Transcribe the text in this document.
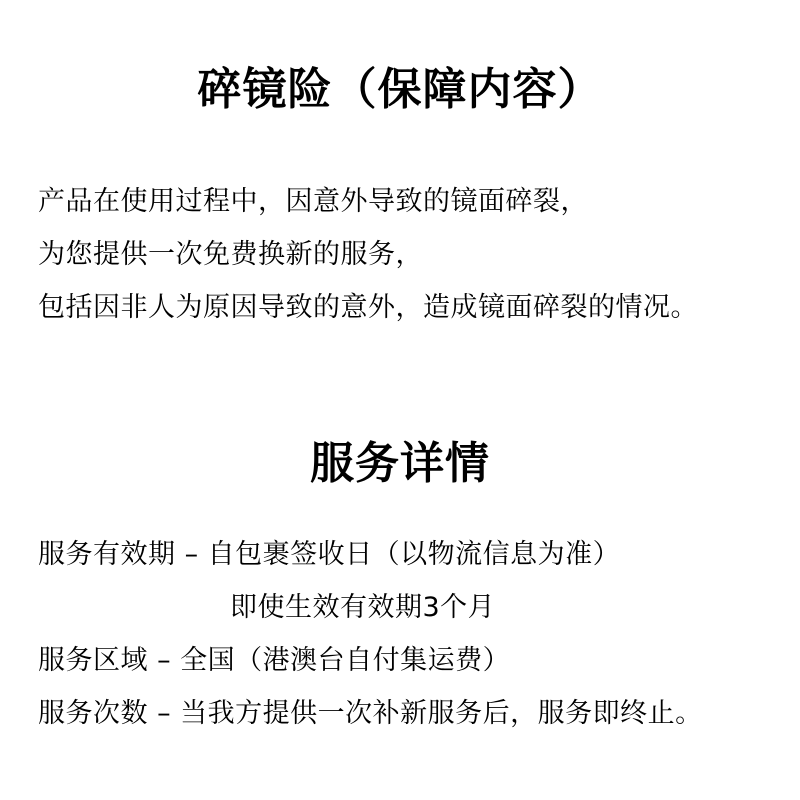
碎镜险（保障内容）
产品在使用过程中，因意外导致的镜面碎裂，
为您提供一次免费换新的服务，
包括因非人为原因导致的意外，造成镜面碎裂的情况。
服务详情
服务有效期 – 自包裹签收日（以物流信息为准）
即使生效有效期3个月
服务区域 – 全国（港澳台自付集运费）
服务次数 – 当我方提供一次补新服务后，服务即终止。
